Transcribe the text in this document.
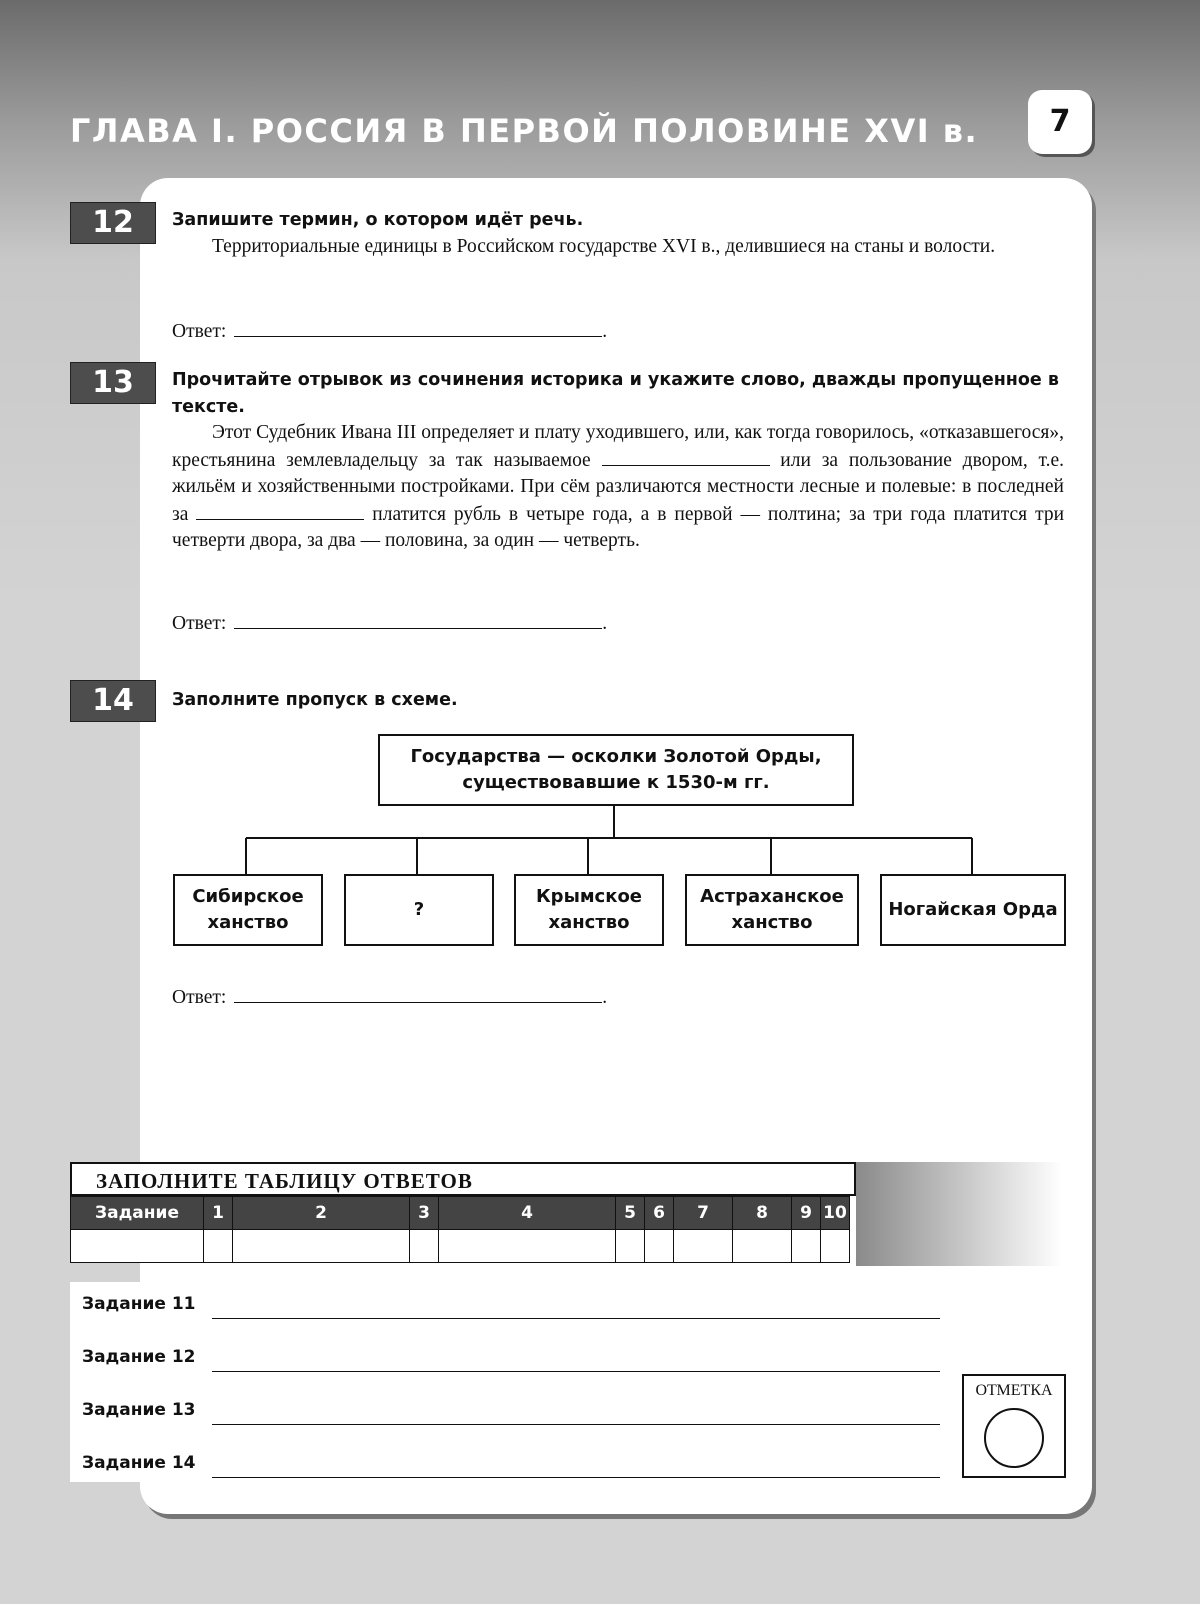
ГЛАВА I. РОССИЯ В ПЕРВОЙ ПОЛОВИНЕ XVI в.	7
12	Запишите термин, о котором идёт речь.

Территориальные единицы в Российском государстве XVI в., делившиеся на станы и волости.

Ответ:	.
13	Прочитайте отрывок из сочинения историка и укажите слово, дважды пропущенное в тексте.

Этот Судебник Ивана III определяет и плату уходившего, или, как тогда говорилось, «отказавшегося», крестьянина землевладельцу за так называемое	или за пользование двором, т.е. жильём и хозяйственными постройками. При сём различаются местности лесные и полевые: в последней за	платится рубль в четыре года, а в первой — полтина; за три года платится три четверти двора, за два — половина, за один — четверть.

Ответ:	.
14	Заполните пропуск в схеме.

Государства — осколки Золотой Орды, существовавшие к 1530-м гг.
Сибирское ханство
?
Крымское ханство
Астраханское ханство
Ногайская Орда
Ответ:	.
ЗАПОЛНИТЕ ТАБЛИЦУ ОТВЕТОВ
Задание	1	2	3	4	5	6	7	8	9	10

Задание 11
Задание 12
Задание 13
Задание 14
ОТМЕТКА
